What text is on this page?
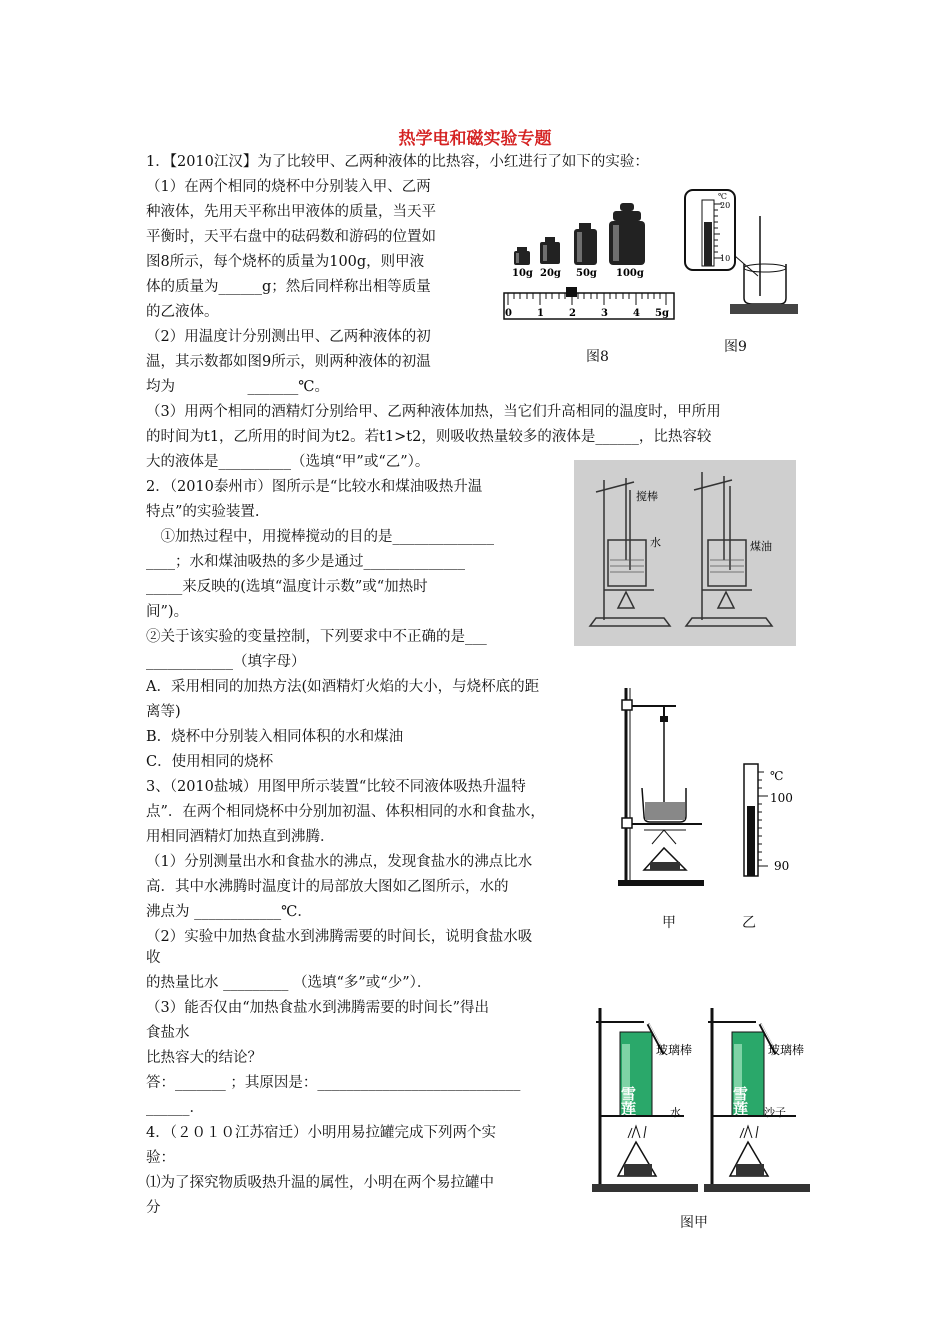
热学电和磁实验专题
1．【2010江汉】为了比较甲、乙两种液体的比热容，小红进行了如下的实验：
（1）在两个相同的烧杯中分别装入甲、乙两
种液体，先用天平称出甲液体的质量，当天平
平衡时，天平右盘中的砝码数和游码的位置如
图8所示，每个烧杯的质量为100g，则甲液
体的质量为______g；然后同样称出相等质量
的乙液体。
（2）用温度计分别测出甲、乙两种液体的初
温，其示数都如图9所示，则两种液体的初温
均为　　　　　_______℃。
（3）用两个相同的酒精灯分别给甲、乙两种液体加热，当它们升高相同的温度时，甲所用
的时间为t1，乙所用的时间为t2。若t1>t2，则吸收热量较多的液体是______，比热容较
大的液体是__________（选填“甲”或“乙”）。
2．（2010泰州市）图所示是“比较水和煤油吸热升温
特点”的实验装置.
　①加热过程中，用搅棒搅动的目的是______________
____；水和煤油吸热的多少是通过______________
_____来反映的(选填“温度计示数”或“加热时
间”)。
②关于该实验的变量控制，下列要求中不正确的是___
____________（填字母）
A．采用相同的加热方法(如酒精灯火焰的大小，与烧杯底的距
离等)
B．烧杯中分别装入相同体积的水和煤油
C．使用相同的烧杯
3、（2010盐城）用图甲所示装置“比较不同液体吸热升温特
点”．在两个相同烧杯中分别加初温、体积相同的水和食盐水，
用相同酒精灯加热直到沸腾．
（1）分别测量出水和食盐水的沸点，发现食盐水的沸点比水
高．其中水沸腾时温度计的局部放大图如乙图所示，水的
沸点为 ____________℃．
（2）实验中加热食盐水到沸腾需要的时间长，说明食盐水吸
收
的热量比水 _________ （选填“多”或“少”）．
（3）能否仅由“加热食盐水到沸腾需要的时间长”得出
食盐水
比热容大的结论？
答：_______ ；其原因是：____________________________
______．
4．（２０１０江苏宿迁）小明用易拉罐完成下列两个实
验：
⑴为了探究物质吸热升温的属性，小明在两个易拉罐中
分
10g 20g 50g 100g
0	1	2	3	4 5g
图8
℃
20
10
图9
搅棒
水	煤油
℃
100
90
甲	乙
雪莲
玻璃棒
水	雪莲
玻璃棒
沙子
图甲
